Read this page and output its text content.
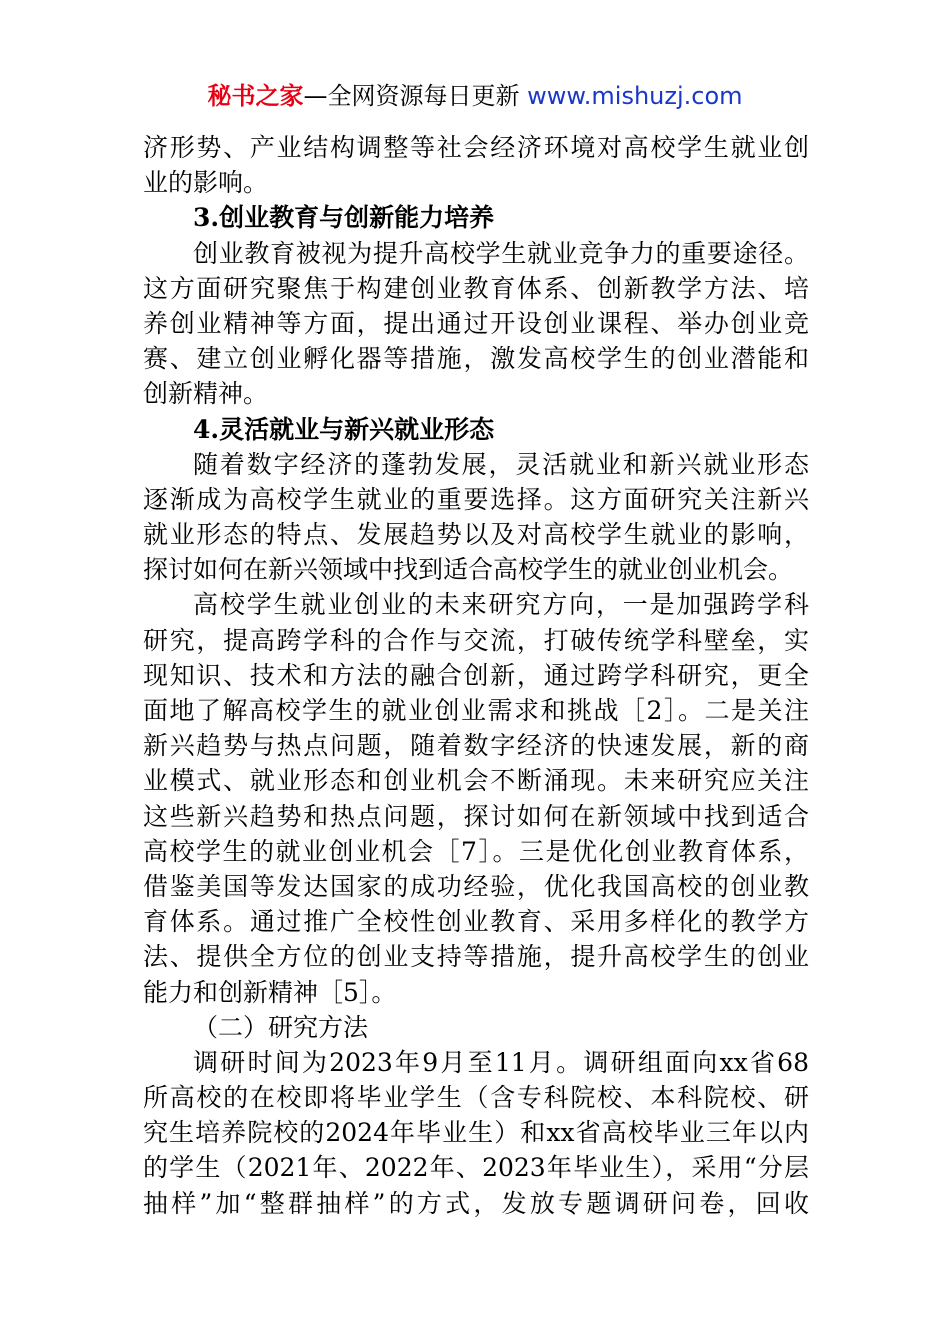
秘书之家—全网资源每日更新 www.mishuzj.com
济形势、产业结构调整等社会经济环境对高校学生就业创
业的影响。
3.创业教育与创新能力培养
创业教育被视为提升高校学生就业竞争力的重要途径。
这方面研究聚焦于构建创业教育体系、创新教学方法、培
养创业精神等方面，提出通过开设创业课程、举办创业竞
赛、建立创业孵化器等措施，激发高校学生的创业潜能和
创新精神。
4.灵活就业与新兴就业形态
随着数字经济的蓬勃发展，灵活就业和新兴就业形态
逐渐成为高校学生就业的重要选择。这方面研究关注新兴
就业形态的特点、发展趋势以及对高校学生就业的影响，
探讨如何在新兴领域中找到适合高校学生的就业创业机会。
高校学生就业创业的未来研究方向，一是加强跨学科
研究，提高跨学科的合作与交流，打破传统学科壁垒，实
现知识、技术和方法的融合创新，通过跨学科研究，更全
面地了解高校学生的就业创业需求和挑战［2］。二是关注
新兴趋势与热点问题，随着数字经济的快速发展，新的商
业模式、就业形态和创业机会不断涌现。未来研究应关注
这些新兴趋势和热点问题，探讨如何在新领域中找到适合
高校学生的就业创业机会［7］。三是优化创业教育体系，
借鉴美国等发达国家的成功经验，优化我国高校的创业教
育体系。通过推广全校性创业教育、采用多样化的教学方
法、提供全方位的创业支持等措施，提升高校学生的创业
能力和创新精神［5］。
（二）研究方法
调研时间为2023年9月至11月。调研组面向xx省68
所高校的在校即将毕业学生（含专科院校、本科院校、研
究生培养院校的2024年毕业生）和xx省高校毕业三年以内
的学生（2021年、2022年、2023年毕业生），采用“分层
抽样”加“整群抽样”的方式，发放专题调研问卷，回收
